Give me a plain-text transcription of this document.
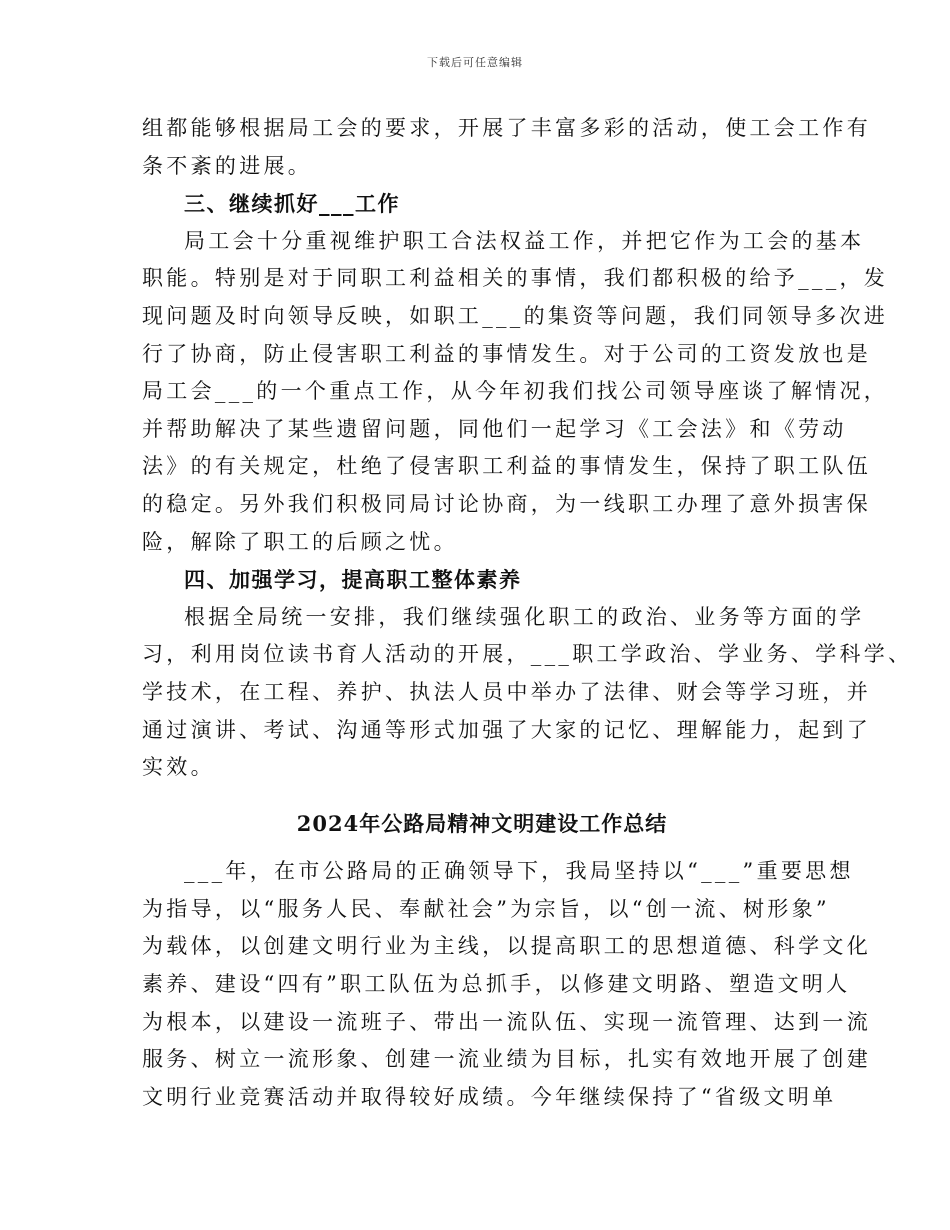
下载后可任意编辑
组都能够根据局工会的要求，开展了丰富多彩的活动，使工会工作有
条不紊的进展。
三、继续抓好___工作
局工会十分重视维护职工合法权益工作，并把它作为工会的基本
职能。特别是对于同职工利益相关的事情，我们都积极的给予___，发
现问题及时向领导反映，如职工___的集资等问题，我们同领导多次进
行了协商，防止侵害职工利益的事情发生。对于公司的工资发放也是
局工会___的一个重点工作，从今年初我们找公司领导座谈了解情况，
并帮助解决了某些遗留问题，同他们一起学习《工会法》和《劳动
法》的有关规定，杜绝了侵害职工利益的事情发生，保持了职工队伍
的稳定。另外我们积极同局讨论协商，为一线职工办理了意外损害保
险，解除了职工的后顾之忧。
四、加强学习，提高职工整体素养
根据全局统一安排，我们继续强化职工的政治、业务等方面的学
习，利用岗位读书育人活动的开展，___职工学政治、学业务、学科学、
学技术，在工程、养护、执法人员中举办了法律、财会等学习班，并
通过演讲、考试、沟通等形式加强了大家的记忆、理解能力，起到了
实效。
2024年公路局精神文明建设工作总结
___年，在市公路局的正确领导下，我局坚持以“___”重要思想
为指导，以“服务人民、奉献社会”为宗旨，以“创一流、树形象”
为载体，以创建文明行业为主线，以提高职工的思想道德、科学文化
素养、建设“四有”职工队伍为总抓手，以修建文明路、塑造文明人
为根本，以建设一流班子、带出一流队伍、实现一流管理、达到一流
服务、树立一流形象、创建一流业绩为目标，扎实有效地开展了创建
文明行业竞赛活动并取得较好成绩。今年继续保持了“省级文明单
